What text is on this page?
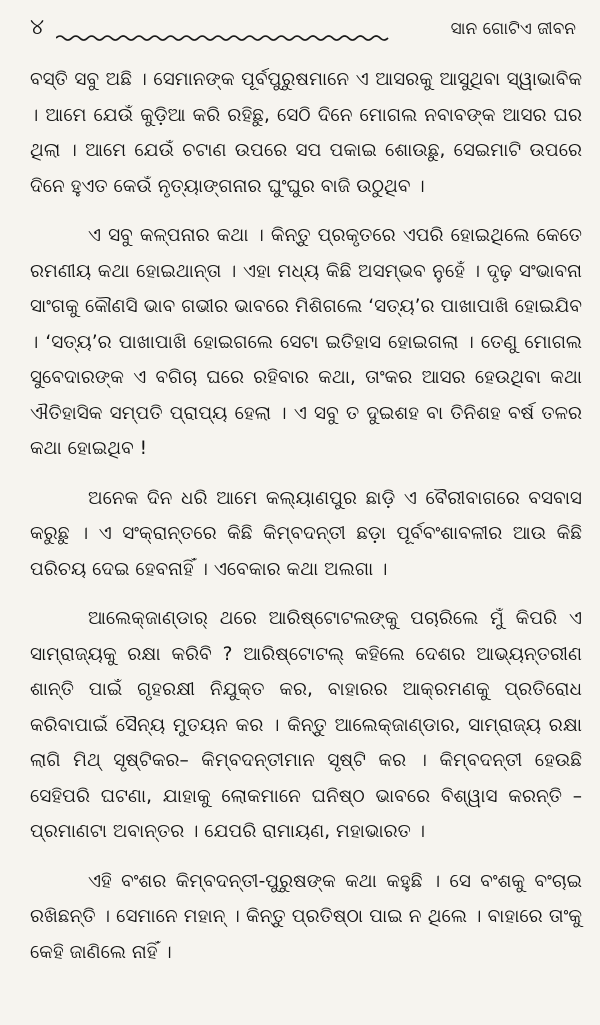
୪	ସାନ ଗୋଟିଏ ଜୀବନ

ବସ୍ତି ସବୁ ଅଛି । ସେମାନଙ୍କ ପୂର୍ବପୁରୁଷମାନେ ଏ ଆସରକୁ ଆସୁଥିବା ସ୍ୱାଭାବିକ । ଆମେ ଯେଉଁ କୁଡ଼ିଆ କରି ରହିଛୁ, ସେଠି ଦିନେ ମୋଗଲ ନବାବଙ୍କ ଆସର ଘର ଥିଲା । ଆମେ ଯେଉଁ ଚଟାଣ ଉପରେ ସପ ପକାଇ ଶୋଉଛୁ, ସେଇମାଟି ଉପରେ ଦିନେ ହୁଏତ କେଉଁ ନୃତ୍ୟାଙ୍ଗନାର ଘୁଂଘୁର ବାଜି ଉଠୁଥିବ ।

ଏ ସବୁ କଳ୍ପନାର କଥା । କିନ୍ତୁ ପ୍ରକୃତରେ ଏପରି ହୋଇଥିଲେ କେତେ ରମଣୀୟ କଥା ହୋଇଥାନ୍ତା । ଏହା ମଧ୍ୟ କିଛି ଅସମ୍ଭବ ନୁହେଁ । ଦୃଢ଼ ସଂଭାବନା ସାଂଗକୁ କୌଣସି ଭାବ ଗଭୀର ଭାବରେ ମିଶିଗଲେ ‘ସତ୍ୟ’ର ପାଖାପାଖି ହୋଇଯିବ । ‘ସତ୍ୟ’ର ପାଖାପାଖି ହୋଇଗଲେ ସେଟା ଇତିହାସ ହୋଇଗଲା । ତେଣୁ ମୋଗଲ ସୁବେଦାରଙ୍କ ଏ ବଗିଚା ଘରେ ରହିବାର କଥା, ତାଂକର ଆସର ହେଉଥିବା କଥା ଐତିହାସିକ ସମ୍ପତି ପ୍ରାପ୍ୟ ହେଲା । ଏ ସବୁ ତ ଦୁଇଶହ ବା ତିନିଶହ ବର୍ଷ ତଳର କଥା ହୋଇଥିବ !

ଅନେକ ଦିନ ଧରି ଆମେ କଲ୍ୟାଣପୁର ଛାଡ଼ି ଏ ବୈରୀବାଗରେ ବସବାସ କରୁଛୁ । ଏ ସଂକ୍ରାନ୍ତରେ କିଛି କିମ୍ବଦନ୍ତୀ ଛଡ଼ା ପୂର୍ବବଂଶାବଳୀର ଆଉ କିଛି ପରିଚୟ ଦେଇ ହେବନାହିଁ । ଏବେକାର କଥା ଅଲଗା ।

ଆଲେକ୍‌ଜାଣ୍ଡାର୍ ଥରେ ଆରିଷ୍ଟୋଟଲଙ୍କୁ ପଚାରିଲେ ମୁଁ କିପରି ଏ ସାମ୍ରାଜ୍ୟକୁ ରକ୍ଷା କରିବି ? ଆରିଷ୍ଟୋଟଲ୍ କହିଲେ ଦେଶର ଆଭ୍ୟନ୍ତରୀଣ ଶାନ୍ତି ପାଇଁ ଗୃହରକ୍ଷୀ ନିଯୁକ୍ତ କର, ବାହାରର ଆକ୍ରମଣକୁ ପ୍ରତିରୋଧ କରିବାପାଇଁ ସୈନ୍ୟ ମୁତୟନ କର । କିନ୍ତୁ ଆଲେକ୍‌ଜାଣ୍ଡାର, ସାମ୍ରାଜ୍ୟ ରକ୍ଷା ଲାଗି ମିଥ୍ ସୃଷ୍ଟିକର– କିମ୍ବଦନ୍ତୀମାନ ସୃଷ୍ଟି କର । କିମ୍ବଦନ୍ତୀ ହେଉଛି ସେହିପରି ଘଟଣା, ଯାହାକୁ ଲୋକମାନେ ଘନିଷ୍ଠ ଭାବରେ ବିଶ୍ୱାସ କରନ୍ତି – ପ୍ରମାଣଟା ଅବାନ୍ତର । ଯେପରି ରାମାୟଣ, ମହାଭାରତ ।

ଏହି ବଂଶର କିମ୍ବଦନ୍ତୀ-ପୁରୁଷଙ୍କ କଥା କହୁଛି । ସେ ବଂଶକୁ ବଂଚାଇ ରଖିଛନ୍ତି । ସେମାନେ ମହାନ୍ । କିନ୍ତୁ ପ୍ରତିଷ୍ଠା ପାଇ ନ ଥିଲେ । ବାହାରେ ତାଂକୁ କେହି ଜାଣିଲେ ନାହିଁ ।
